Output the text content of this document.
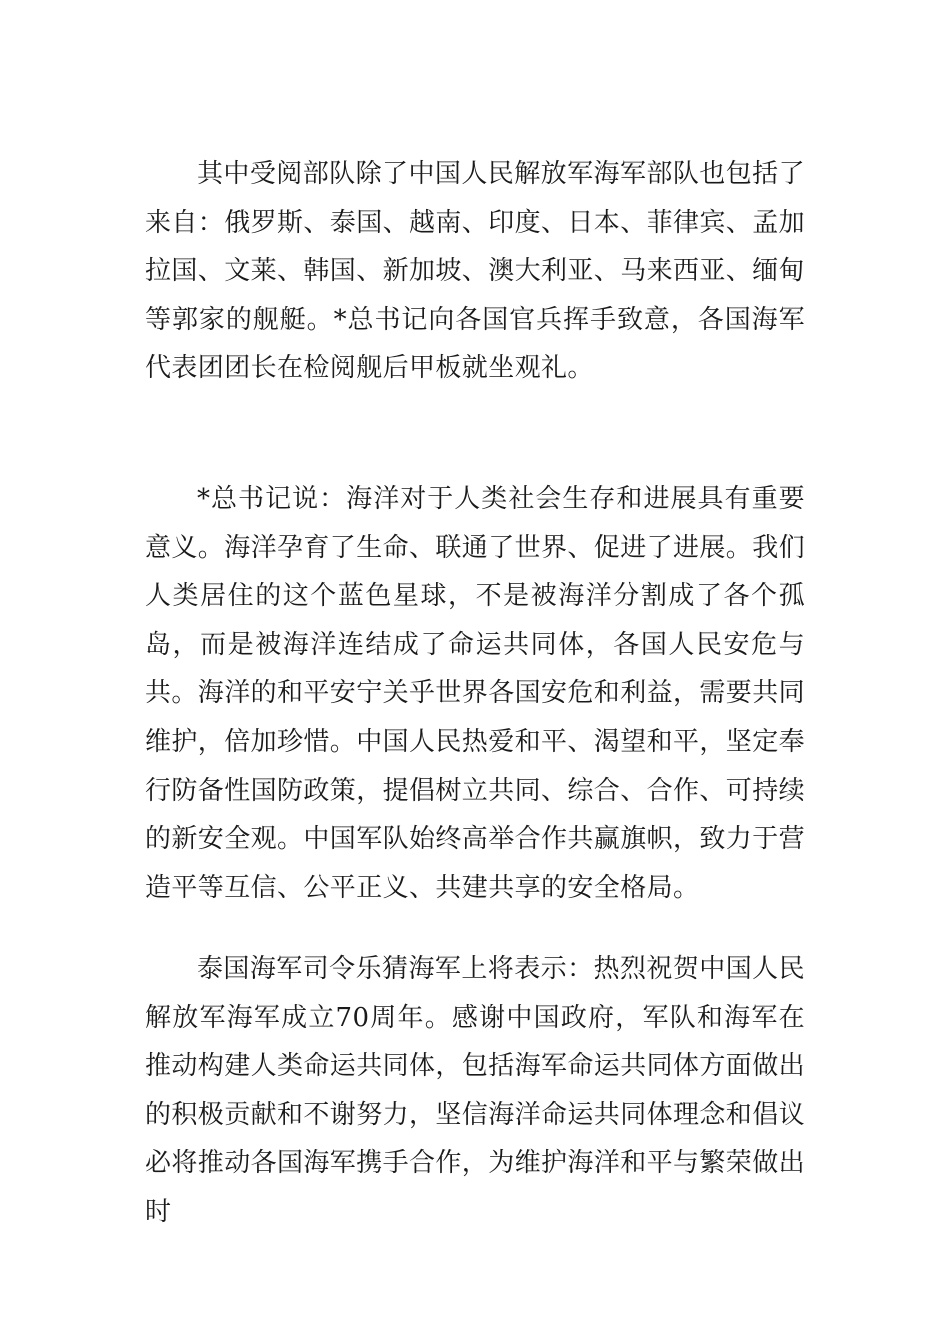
其中受阅部队除了中国人民解放军海军部队也包括了来自：俄罗斯、泰国、越南、印度、日本、菲律宾、孟加拉国、文莱、韩国、新加坡、澳大利亚、马来西亚、缅甸等郭家的舰艇。*总书记向各国官兵挥手致意，各国海军代表团团长在检阅舰后甲板就坐观礼。

*总书记说：海洋对于人类社会生存和进展具有重要意义。海洋孕育了生命、联通了世界、促进了进展。我们人类居住的这个蓝色星球，不是被海洋分割成了各个孤岛，而是被海洋连结成了命运共同体，各国人民安危与共。海洋的和平安宁关乎世界各国安危和利益，需要共同维护，倍加珍惜。中国人民热爱和平、渴望和平，坚定奉行防备性国防政策，提倡树立共同、综合、合作、可持续的新安全观。中国军队始终高举合作共赢旗帜，致力于营造平等互信、公平正义、共建共享的安全格局。

泰国海军司令乐猜海军上将表示：热烈祝贺中国人民解放军海军成立70周年。感谢中国政府，军队和海军在推动构建人类命运共同体，包括海军命运共同体方面做出的积极贡献和不谢努力，坚信海洋命运共同体理念和倡议必将推动各国海军携手合作，为维护海洋和平与繁荣做出时
